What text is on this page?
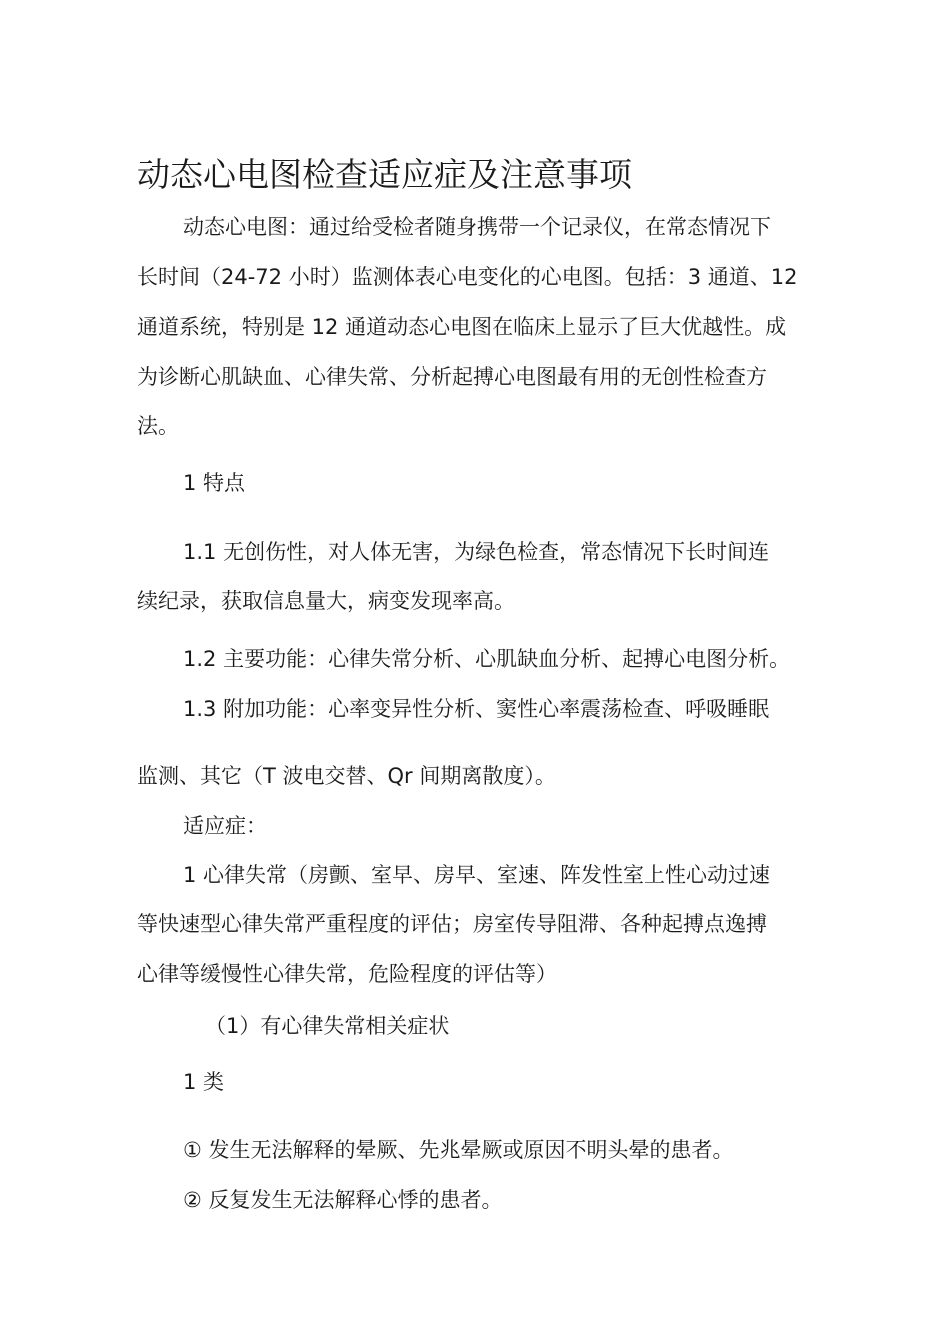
动态心电图检查适应症及注意事项
动态心电图：通过给受检者随身携带一个记录仪，在常态情况下
长时间（24-72 小时）监测体表心电变化的心电图。包括：3 通道、12
通道系统，特别是 12 通道动态心电图在临床上显示了巨大优越性。成
为诊断心肌缺血、心律失常、分析起搏心电图最有用的无创性检查方
法。
1 特点
1.1 无创伤性，对人体无害，为绿色检查，常态情况下长时间连
续纪录，获取信息量大，病变发现率高。
1.2 主要功能：心律失常分析、心肌缺血分析、起搏心电图分析。
1.3 附加功能：心率变异性分析、窦性心率震荡检查、呼吸睡眠
监测、其它（T 波电交替、Qr 间期离散度）。
适应症：
1 心律失常（房颤、室早、房早、室速、阵发性室上性心动过速
等快速型心律失常严重程度的评估；房室传导阻滞、各种起搏点逸搏
心律等缓慢性心律失常，危险程度的评估等）
（1）有心律失常相关症状
1 类
① 发生无法解释的晕厥、先兆晕厥或原因不明头晕的患者。
② 反复发生无法解释心悸的患者。
